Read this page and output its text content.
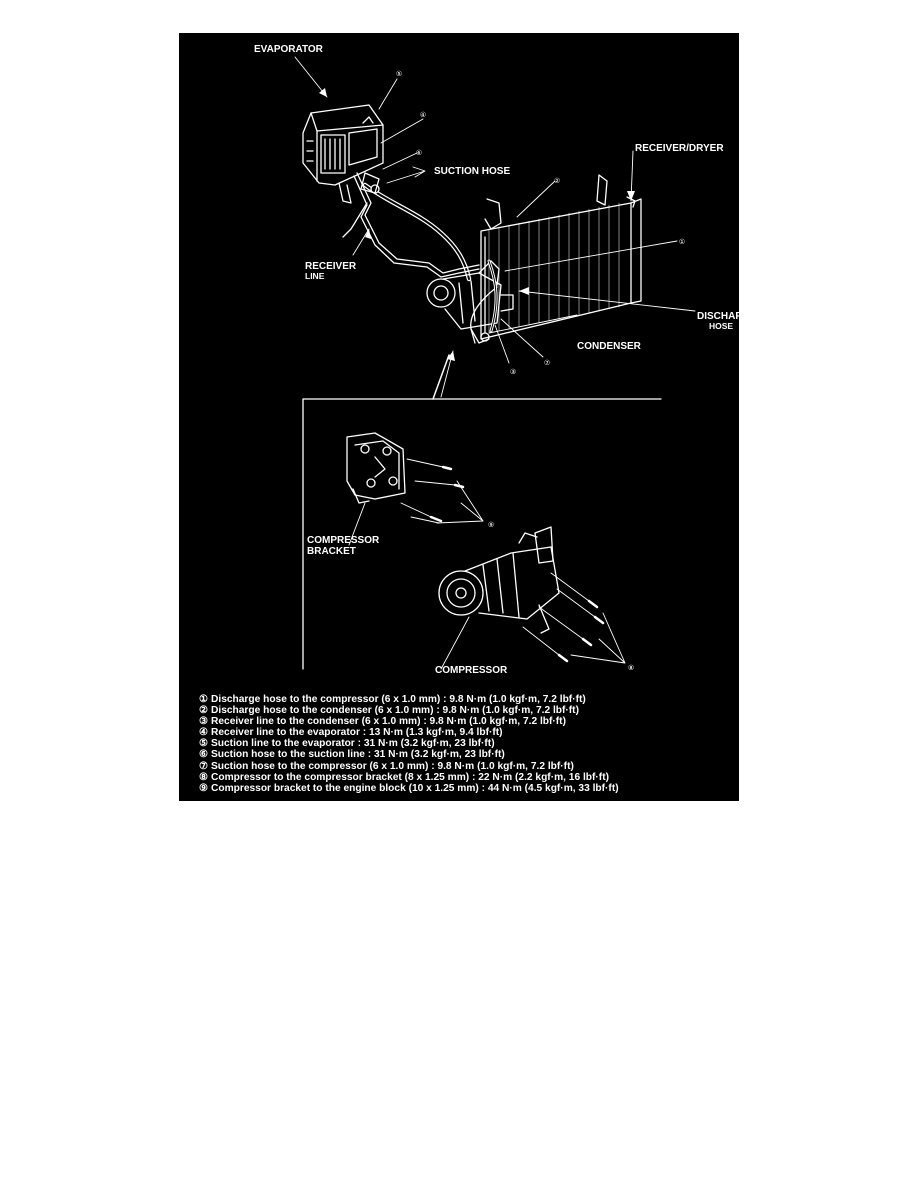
EVAPORATOR
SUCTION HOSE
RECEIVER/DRYER
RECEIVER
LINE
DISCHARGE
HOSE
CONDENSER
COMPRESSOR
BRACKET
COMPRESSOR
⑤
④
⑥
②
①
③
⑦
⑨
⑧
① Discharge hose to the compressor (6 x 1.0 mm) : 9.8 N·m (1.0 kgf·m, 7.2 lbf·ft)
② Discharge hose to the condenser (6 x 1.0 mm) : 9.8 N·m (1.0 kgf·m, 7.2 lbf·ft)
③ Receiver line to the condenser (6 x 1.0 mm) : 9.8 N·m (1.0 kgf·m, 7.2 lbf·ft)
④ Receiver line to the evaporator : 13 N·m (1.3 kgf·m, 9.4 lbf·ft)
⑤ Suction line to the evaporator : 31 N·m (3.2 kgf·m, 23 lbf·ft)
⑥ Suction hose to the suction line : 31 N·m (3.2 kgf·m, 23 lbf·ft)
⑦ Suction hose to the compressor (6 x 1.0 mm) : 9.8 N·m (1.0 kgf·m, 7.2 lbf·ft)
⑧ Compressor to the compressor bracket (8 x 1.25 mm) : 22 N·m (2.2 kgf·m, 16 lbf·ft)
⑨ Compressor bracket to the engine block (10 x 1.25 mm) : 44 N·m (4.5 kgf·m, 33 lbf·ft)
